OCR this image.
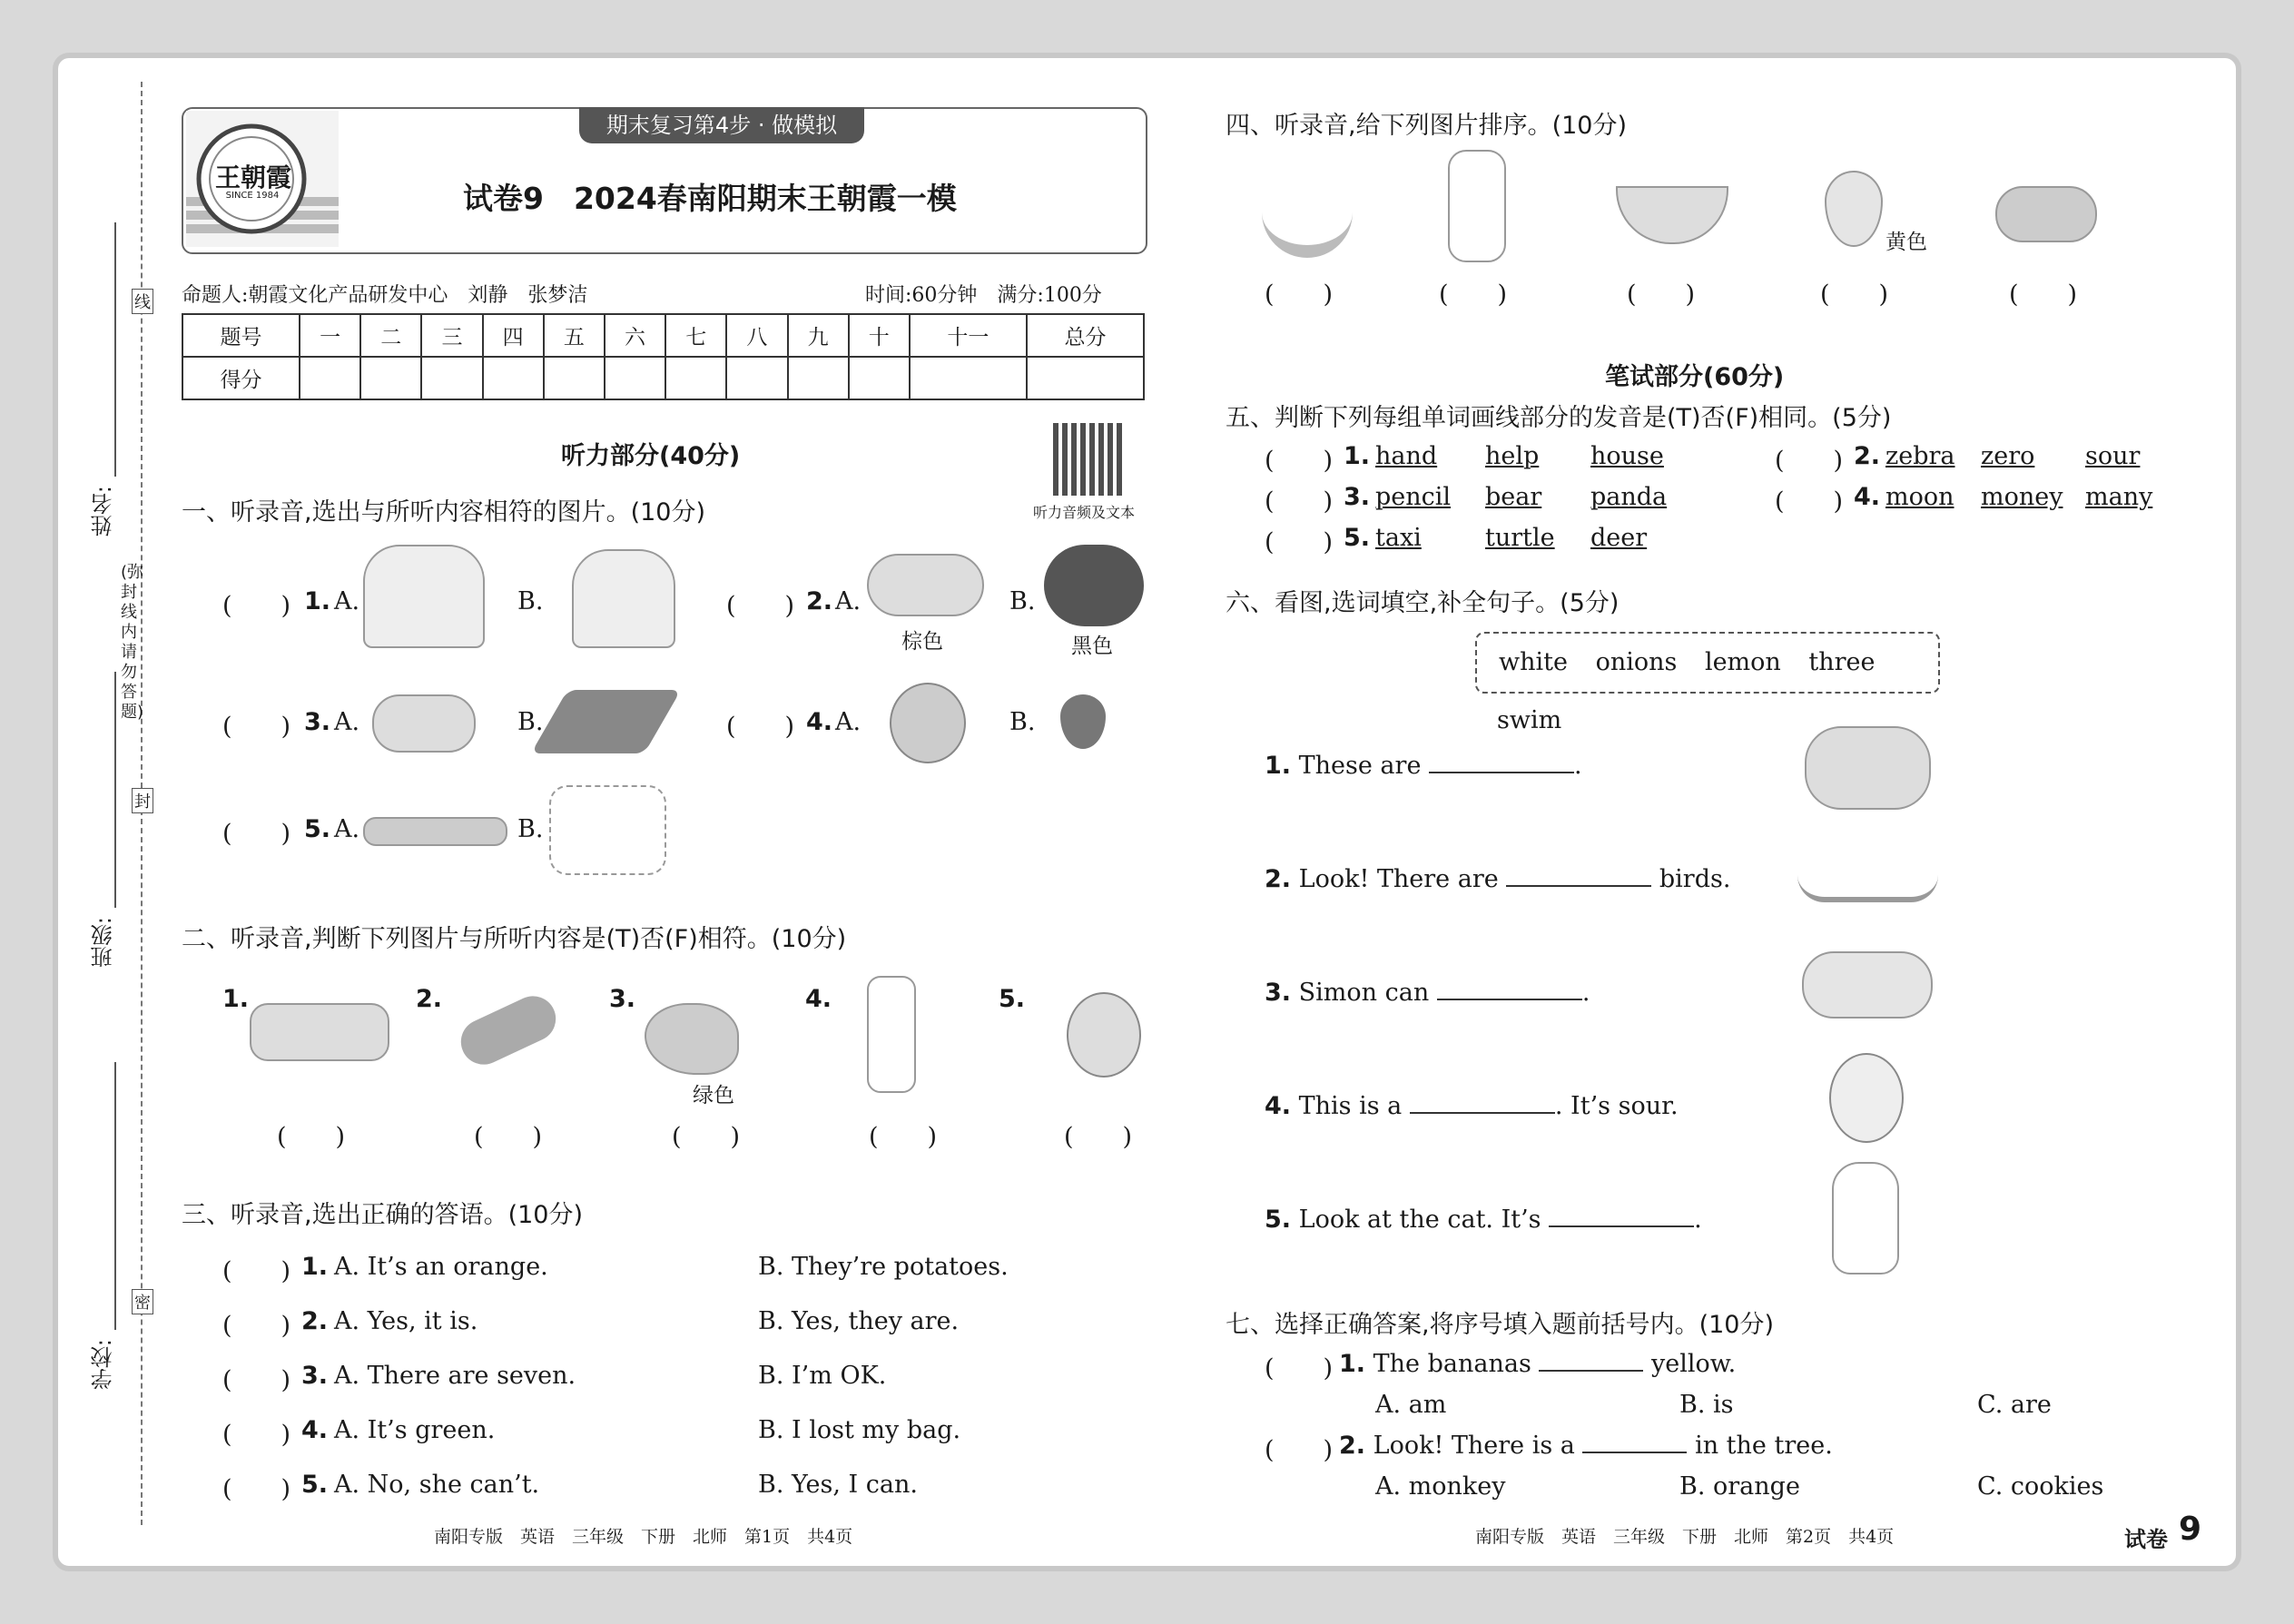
线
封
密
(弥封线内请勿答题)
姓名:
班级:
学校:
王朝霞
SINCE 1984
期末复习第4步 · 做模拟
试卷9　2024春南阳期末王朝霞一模
命题人:朝霞文化产品研发中心　刘静　张梦洁	时间:60分钟　满分:100分
题号	一	二	三	四	五	六	七	八	九	十	十一	总分
得分												
听力部分(40分)
听力音频及文本
一、听录音,选出与所听内容相符的图片。(10分)
(　　) 1. A.	B.	(　　) 2. A.
棕色
B.
黑色
(　　) 3. A.	B.	(　　) 4. A.	B.
(　　) 5. A.	B.
二、听录音,判断下列图片与所听内容是(T)否(F)相符。(10分)
1.
(　　)
2.
(　　)
3.
绿色
(　　)
4.
(　　)
5.
(　　)
三、听录音,选出正确的答语。(10分)
(　　) 1. A. It’s an orange.	B. They’re potatoes.
(　　) 2. A. Yes, it is.	B. Yes, they are.
(　　) 3. A. There are seven.	B. I’m OK.
(　　) 4. A. It’s green.	B. I lost my bag.
(　　) 5. A. No, she can’t.	B. Yes, I can.
南阳专版　英语　三年级　下册　北师　第1页　共4页
四、听录音,给下列图片排序。(10分)
(　　)	(　　)	(　　)
黄色
(　　)	(　　)
笔试部分(60分)
五、判断下列每组单词画线部分的发音是(T)否(F)相同。(5分)
(　　) 1. hand help house	(　　) 2. zebra zero sour
(　　) 3. pencil bear panda	(　　) 4. moon money many
(　　) 5. taxi	turtle deer
六、看图,选词填空,补全句子。(5分)
white onions lemon three swim
1. These are	.
2. Look! There are	birds.
3. Simon can	.
4. This is a	. It’s sour.
5. Look at the cat. It’s	.
七、选择正确答案,将序号填入题前括号内。(10分)
(　　) 1. The bananas	yellow.
A. am	B. is	C. are
(　　) 2. Look! There is a	in the tree.
A. monkey	B. orange	C. cookies
南阳专版　英语　三年级　下册　北师　第2页　共4页	试卷 9
